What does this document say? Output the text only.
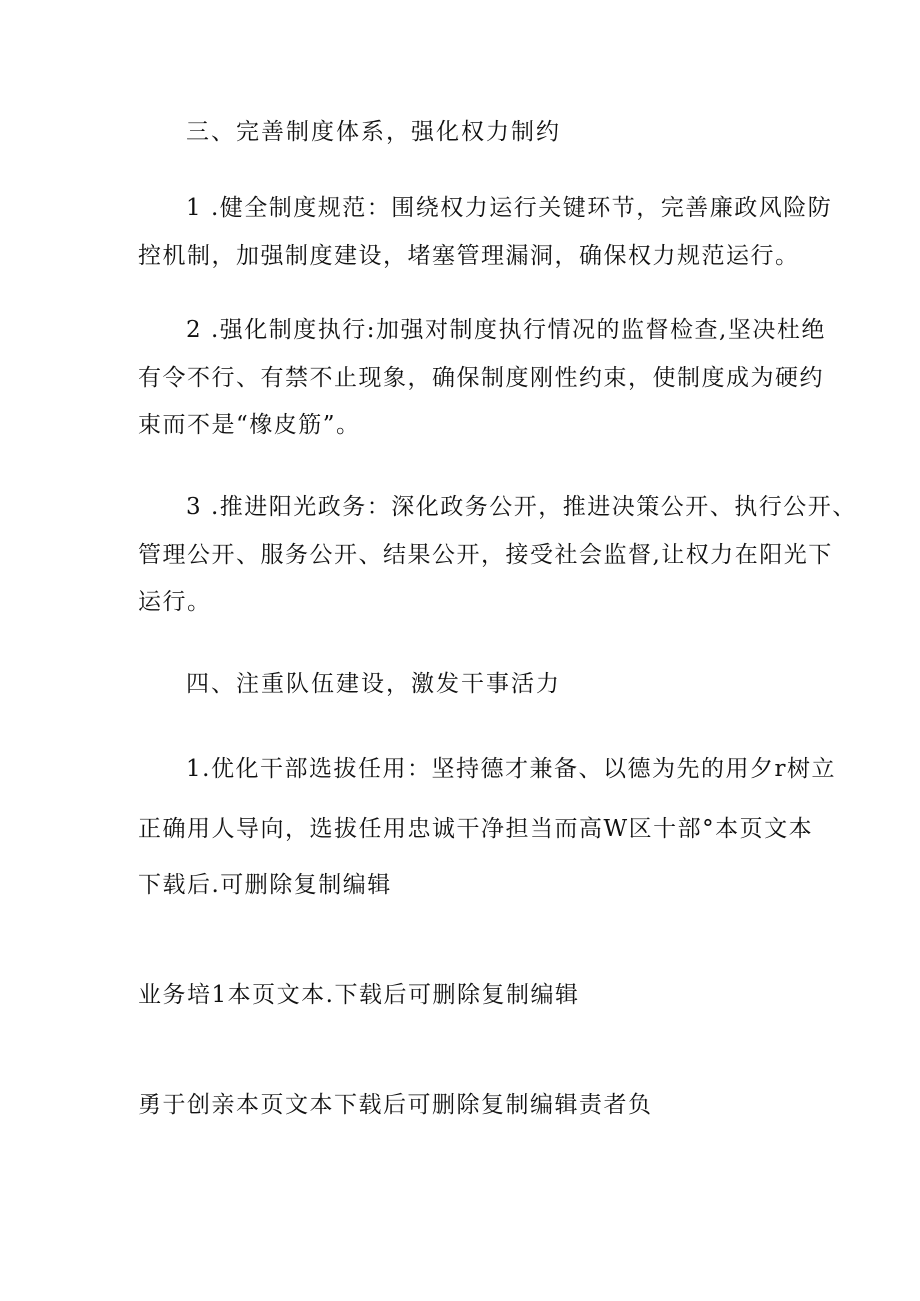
三、完善制度体系，强化权力制约
1 .健全制度规范：围绕权力运行关键环节，完善廉政风险防
控机制，加强制度建设，堵塞管理漏洞，确保权力规范运行。
2 .强化制度执行:加强对制度执行情况的监督检查,坚决杜绝
有令不行、有禁不止现象，确保制度刚性约束，使制度成为硬约
束而不是“橡皮筋”。
3 .推进阳光政务：深化政务公开，推进决策公开、执行公开、
管理公开、服务公开、结果公开，接受社会监督,让权力在阳光下
运行。
四、注重队伍建设，激发干事活力
1.优化干部选拔任用：坚持德才兼备、以德为先的用夕r树立
正确用人导向，选拔任用忠诚干净担当而高W区十部°本页文本
下载后.可删除复制编辑
业务培1本页文本.下载后可删除复制编辑
勇于创亲本页文本下载后可删除复制编辑责者负
